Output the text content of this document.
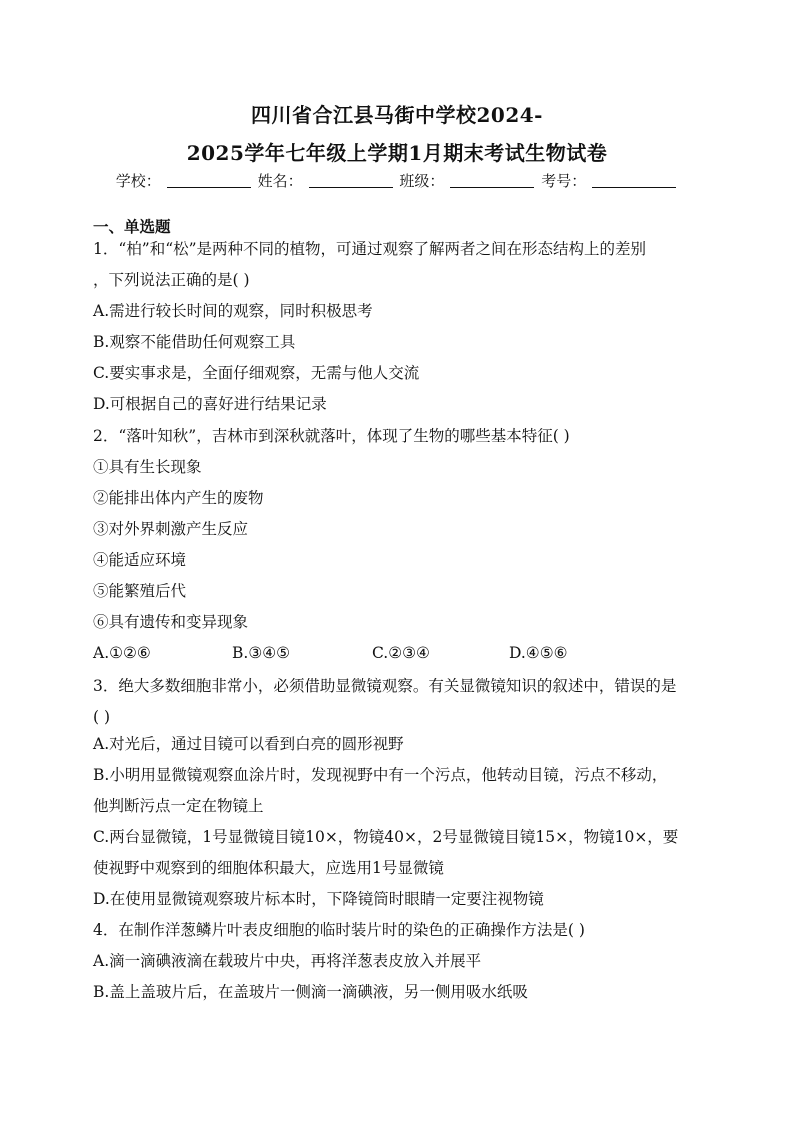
四川省合江县马街中学校2024-
2025学年七年级上学期1月期末考试生物试卷
学校：	姓名：	班级：	考号：
一、单选题
1．“柏”和“松”是两种不同的植物，可通过观察了解两者之间在形态结构上的差别
，下列说法正确的是( )
A.需进行较长时间的观察，同时积极思考
B.观察不能借助任何观察工具
C.要实事求是，全面仔细观察，无需与他人交流
D.可根据自己的喜好进行结果记录
2．“落叶知秋”，吉林市到深秋就落叶，体现了生物的哪些基本特征( )
①具有生长现象
②能排出体内产生的废物
③对外界刺激产生反应
④能适应环境
⑤能繁殖后代
⑥具有遗传和变异现象
A.①②⑥	B.③④⑤	C.②③④	D.④⑤⑥
3．绝大多数细胞非常小，必须借助显微镜观察。有关显微镜知识的叙述中，错误的是
( )
A.对光后，通过目镜可以看到白亮的圆形视野
B.小明用显微镜观察血涂片时，发现视野中有一个污点，他转动目镜，污点不移动，
他判断污点一定在物镜上
C.两台显微镜，1号显微镜目镜10×，物镜40×，2号显微镜目镜15×，物镜10×，要
使视野中观察到的细胞体积最大，应选用1号显微镜
D.在使用显微镜观察玻片标本时，下降镜筒时眼睛一定要注视物镜
4．在制作洋葱鳞片叶表皮细胞的临时装片时的染色的正确操作方法是( )
A.滴一滴碘液滴在载玻片中央，再将洋葱表皮放入并展平
B.盖上盖玻片后，在盖玻片一侧滴一滴碘液，另一侧用吸水纸吸
